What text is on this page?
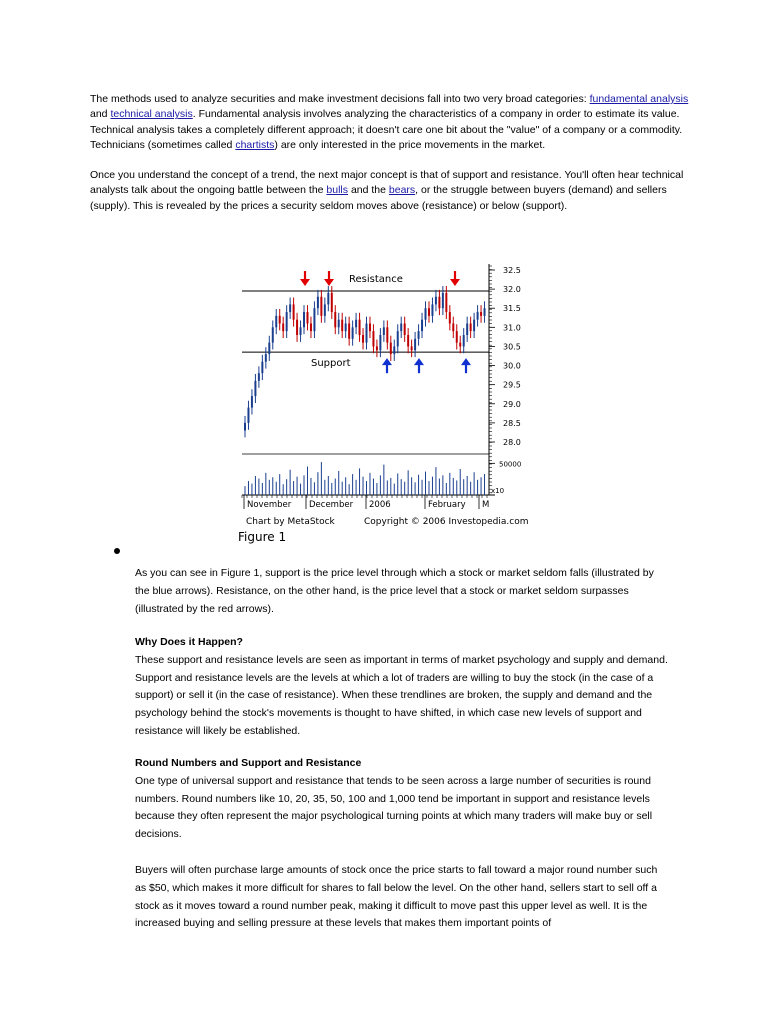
The methods used to analyze securities and make investment decisions fall into two very broad categories: fundamental analysis and technical analysis. Fundamental analysis involves analyzing the characteristics of a company in order to estimate its value. Technical analysis takes a completely different approach; it doesn't care one bit about the "value" of a company or a commodity. Technicians (sometimes called chartists) are only interested in the price movements in the market.

Once you understand the concept of a trend, the next major concept is that of support and resistance. You'll often hear technical analysts talk about the ongoing battle between the bulls and the bears, or the struggle between buyers (demand) and sellers (supply). This is revealed by the prices a security seldom moves above (resistance) or below (support).

32.5
32.0
31.5
31.0
30.5
30.0
29.5
29.0
28.5
28.0
Resistance
Support
50000
x10
November December 2006	February M
Chart by MetaStock	Copyright © 2006 Investopedia.com
Figure 1

As you can see in Figure 1, support is the price level through which a stock or market seldom falls (illustrated by the blue arrows). Resistance, on the other hand, is the price level that a stock or market seldom surpasses (illustrated by the red arrows).

Why Does it Happen?
These support and resistance levels are seen as important in terms of market psychology and supply and demand. Support and resistance levels are the levels at which a lot of traders are willing to buy the stock (in the case of a support) or sell it (in the case of resistance). When these trendlines are broken, the supply and demand and the psychology behind the stock's movements is thought to have shifted, in which case new levels of support and resistance will likely be established.
Round Numbers and Support and Resistance
One type of universal support and resistance that tends to be seen across a large number of securities is round numbers. Round numbers like 10, 20, 35, 50, 100 and 1,000 tend be important in support and resistance levels because they often represent the major psychological turning points at which many traders will make buy or sell decisions.

Buyers will often purchase large amounts of stock once the price starts to fall toward a major round number such as $50, which makes it more difficult for shares to fall below the level. On the other hand, sellers start to sell off a stock as it moves toward a round number peak, making it difficult to move past this upper level as well. It is the increased buying and selling pressure at these levels that makes them important points of
